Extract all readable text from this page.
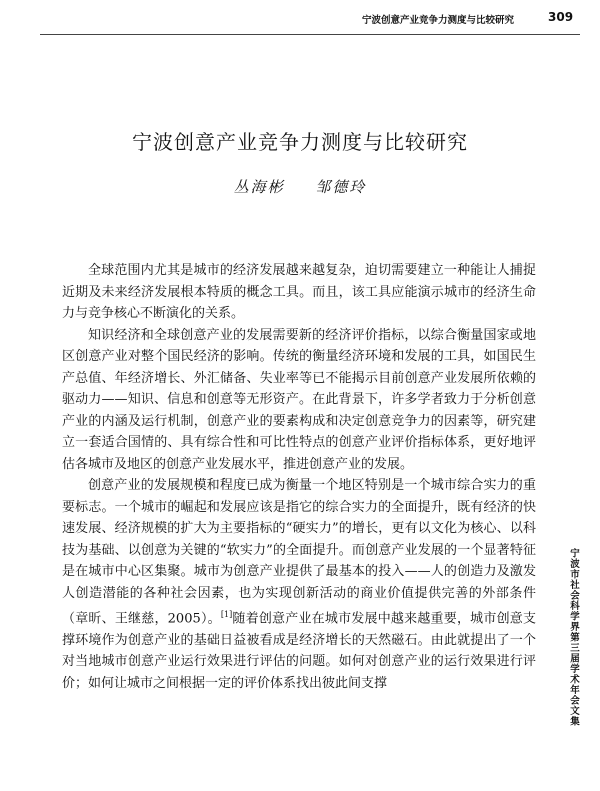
宁波创意产业竞争力测度与比较研究	309
宁波创意产业竞争力测度与比较研究
丛海彬 邹德玲

全球范围内尤其是城市的经济发展越来越复杂，迫切需要建立一种能让人捕捉近期及未来经济发展根本特质的概念工具。而且，该工具应能演示城市的经济生命力与竞争核心不断演化的关系。

知识经济和全球创意产业的发展需要新的经济评价指标，以综合衡量国家或地区创意产业对整个国民经济的影响。传统的衡量经济环境和发展的工具，如国民生产总值、年经济增长、外汇储备、失业率等已不能揭示目前创意产业发展所依赖的驱动力——知识、信息和创意等无形资产。在此背景下，许多学者致力于分析创意产业的内涵及运行机制，创意产业的要素构成和决定创意竞争力的因素等，研究建立一套适合国情的、具有综合性和可比性特点的创意产业评价指标体系，更好地评估各城市及地区的创意产业发展水平，推进创意产业的发展。

创意产业的发展规模和程度已成为衡量一个地区特别是一个城市综合实力的重要标志。一个城市的崛起和发展应该是指它的综合实力的全面提升，既有经济的快速发展、经济规模的扩大为主要指标的“硬实力”的增长，更有以文化为核心、以科技为基础、以创意为关键的“软实力”的全面提升。而创意产业发展的一个显著特征是在城市中心区集聚。城市为创意产业提供了最基本的投入——人的创造力及激发人创造潜能的各种社会因素，也为实现创新活动的商业价值提供完善的外部条件（章昕、王继慈，2005）。[1]随着创意产业在城市发展中越来越重要，城市创意支撑环境作为创意产业的基础日益被看成是经济增长的天然磁石。由此就提出了一个对当地城市创意产业运行效果进行评估的问题。如何对创意产业的运行效果进行评价；如何让城市之间根据一定的评价体系找出彼此间支撑	宁波市社会科学界第三届学术年会文集
